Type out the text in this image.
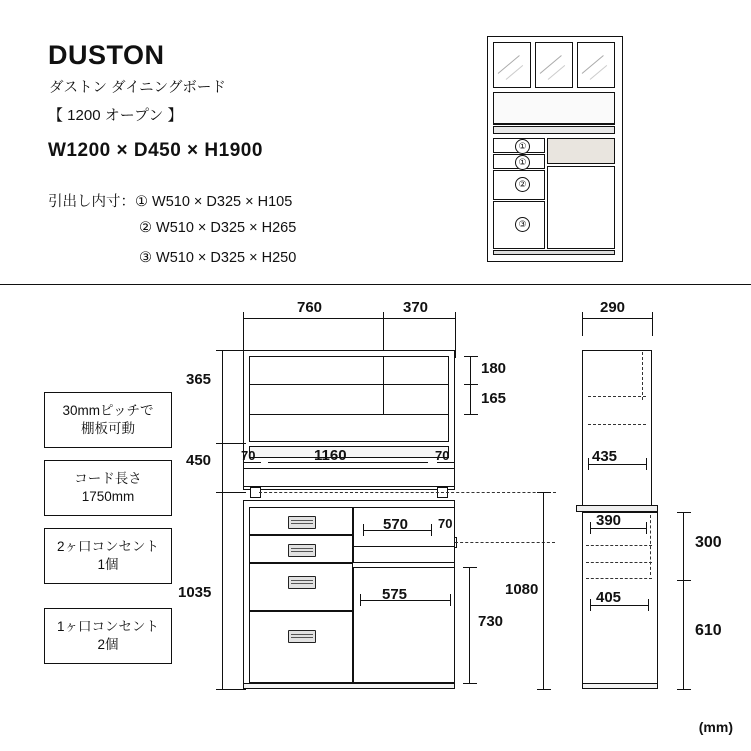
DUSTON
ダストン ダイニングボード
【 1200 オープン 】
W1200 × D450 × H1900
引出し内寸：① W510 × D325 × H105
② W510 × D325 × H265
③ W510 × D325 × H250
①
①
②
③
30mmピッチで
棚板可動
コード長さ
1750mm
2ヶ口コンセント
1個
1ヶ口コンセント
2個
760	370
365
450
180
165
70	1160	70
1035
570 70
575
730
1080
290
435
390
405
300
610
(mm)
